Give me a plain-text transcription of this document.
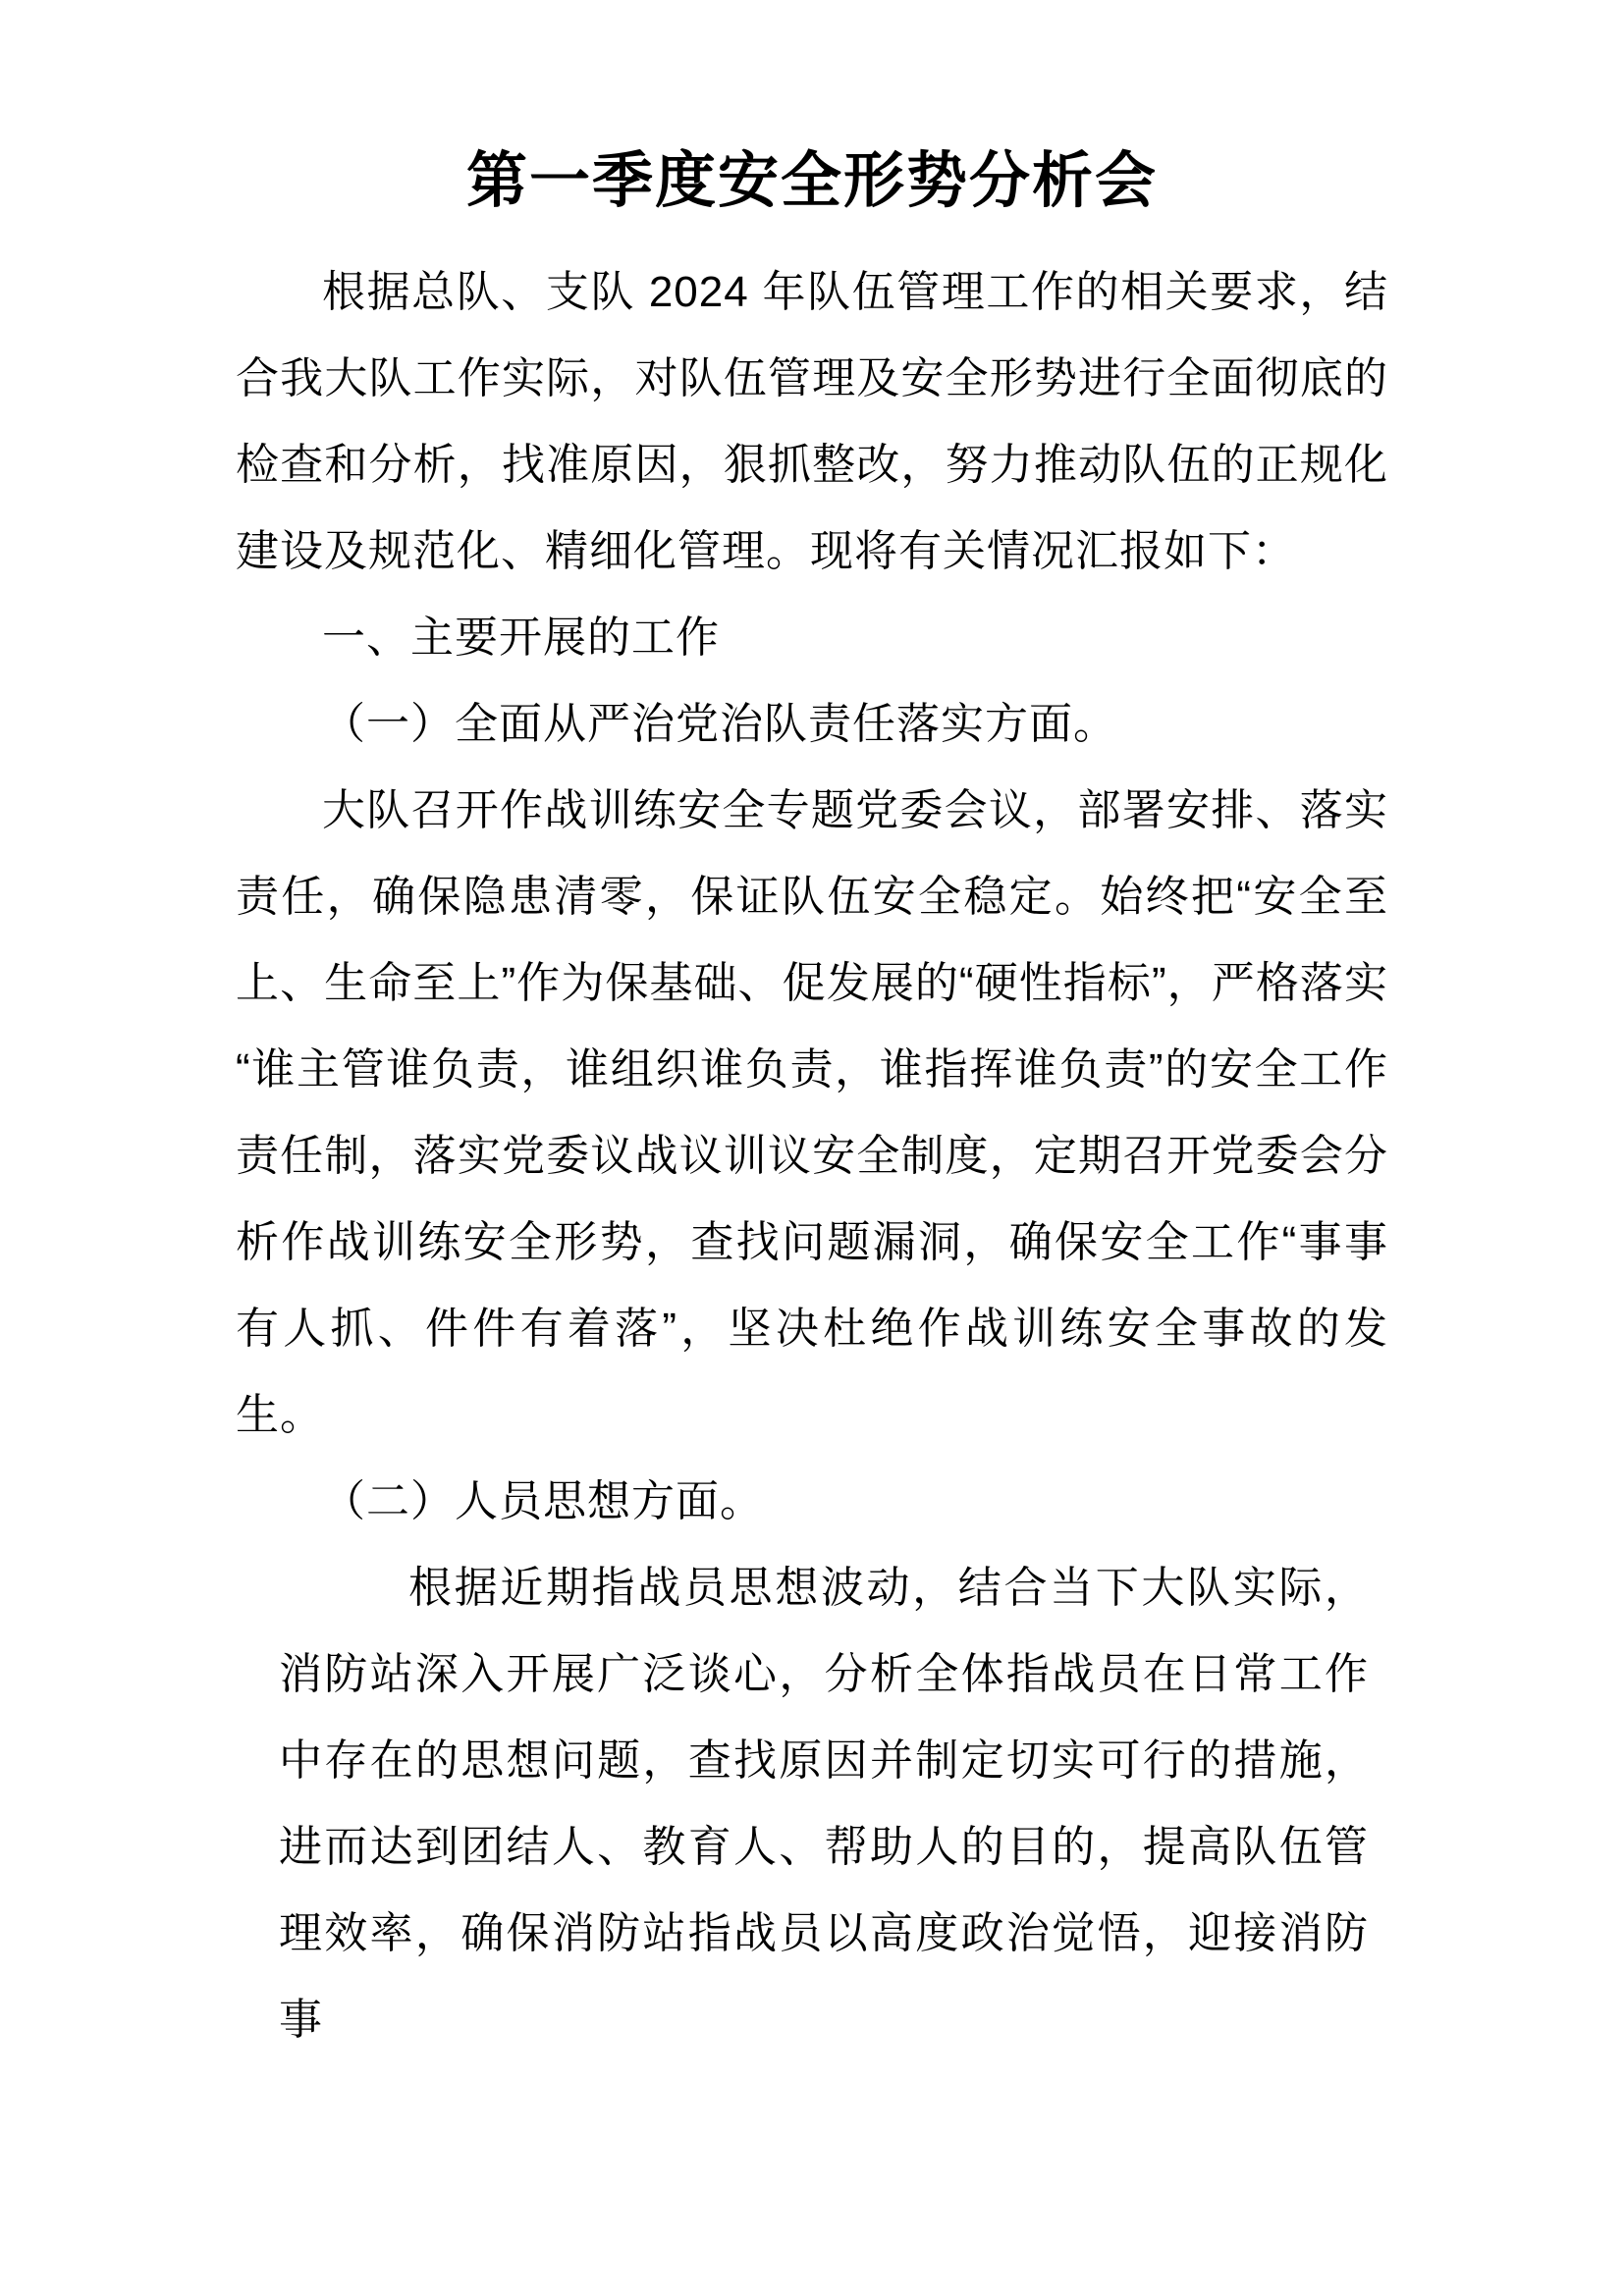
第一季度安全形势分析会

根据总队、支队 2024 年队伍管理工作的相关要求，结合我大队工作实际，对队伍管理及安全形势进行全面彻底的检查和分析，找准原因，狠抓整改，努力推动队伍的正规化建设及规范化、精细化管理。现将有关情况汇报如下：

一、主要开展的工作

（一）全面从严治党治队责任落实方面。

大队召开作战训练安全专题党委会议，部署安排、落实责任，确保隐患清零，保证队伍安全稳定。始终把“安全至上、生命至上”作为保基础、促发展的“硬性指标”，严格落实“谁主管谁负责，谁组织谁负责，谁指挥谁负责”的安全工作责任制，落实党委议战议训议安全制度，定期召开党委会分析作战训练安全形势，查找问题漏洞，确保安全工作“事事有人抓、件件有着落”，坚决杜绝作战训练安全事故的发生。

（二）人员思想方面。

根据近期指战员思想波动，结合当下大队实际，消防站深入开展广泛谈心，分析全体指战员在日常工作中存在的思想问题，查找原因并制定切实可行的措施，进而达到团结人、教育人、帮助人的目的，提高队伍管理效率，确保消防站指战员以高度政治觉悟，迎接消防事
